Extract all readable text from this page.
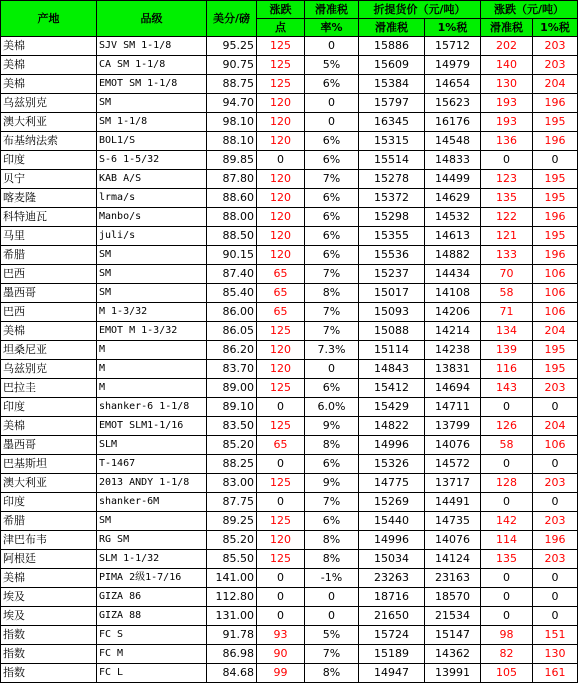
产地	品级	美分/磅	涨跌	滑准税	折提货价（元/吨）		涨跌（元/吨）	
			点	率%	滑准税	1%税	滑准税	1%税
美棉	SJV SM 1-1/8	95.25	125	0	15886	15712	202	203
美棉	CA SM 1-1/8	90.75	125	5%	15609	14979	140	203
美棉	EMOT SM 1-1/8	88.75	125	6%	15384	14654	130	204
乌兹别克	SM	94.70	120	0	15797	15623	193	196
澳大利亚	SM 1-1/8	98.10	120	0	16345	16176	193	195
布基纳法索	BOL1/S	88.10	120	6%	15315	14548	136	196
印度	S-6 1-5/32	89.85	0	6%	15514	14833	0	0
贝宁	KAB A/S	87.80	120	7%	15278	14499	123	195
喀麦隆	lrma/s	88.60	120	6%	15372	14629	135	195
科特迪瓦	Manbo/s	88.00	120	6%	15298	14532	122	196
马里	juli/s	88.50	120	6%	15355	14613	121	195
希腊	SM	90.15	120	6%	15536	14882	133	196
巴西	SM	87.40	65	7%	15237	14434	70	106
墨西哥	SM	85.40	65	8%	15017	14108	58	106
巴西	M 1-3/32	86.00	65	7%	15093	14206	71	106
美棉	EMOT M 1-3/32	86.05	125	7%	15088	14214	134	204
坦桑尼亚	M	86.20	120	7.3%	15114	14238	139	195
乌兹别克	M	83.70	120	0	14843	13831	116	195
巴拉圭	M	89.00	125	6%	15412	14694	143	203
印度	shanker-6 1-1/8	89.10	0	6.0%	15429	14711	0	0
美棉	EMOT SLM1-1/16	83.50	125	9%	14822	13799	126	204
墨西哥	SLM	85.20	65	8%	14996	14076	58	106
巴基斯坦	T-1467	88.25	0	6%	15326	14572	0	0
澳大利亚	2013 ANDY 1-1/8	83.00	125	9%	14775	13717	128	203
印度	shanker-6M	87.75	0	7%	15269	14491	0	0
希腊	SM	89.25	125	6%	15440	14735	142	203
津巴布韦	RG SM	85.20	120	8%	14996	14076	114	196
阿根廷	SLM 1-1/32	85.50	125	8%	15034	14124	135	203
美棉	PIMA 2级1-7/16	141.00	0	-1%	23263	23163	0	0
埃及	GIZA 86	112.80	0	0	18716	18570	0	0
埃及	GIZA 88	131.00	0	0	21650	21534	0	0
指数	FC S	91.78	93	5%	15724	15147	98	151
指数	FC M	86.98	90	7%	15189	14362	82	130
指数	FC L	84.68	99	8%	14947	13991	105	161
